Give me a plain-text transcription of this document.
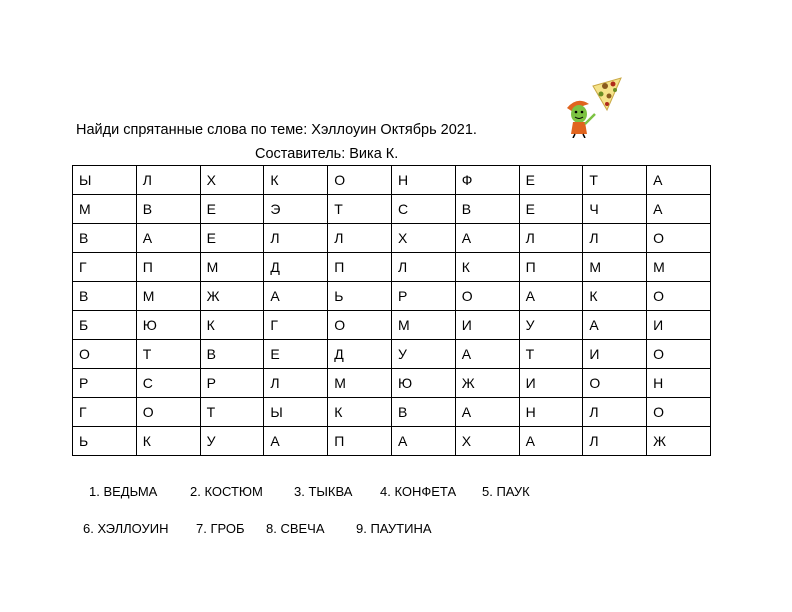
Найди спрятанные слова по теме: Хэллоуин Октябрь 2021.
Составитель: Вика К.
Ы	Л	Х	К	О	Н	Ф	Е	Т	А
М	В	Е	Э	Т	С	В	Е	Ч	А
В	А	Е	Л	Л	Х	А	Л	Л	О
Г	П	М	Д	П	Л	К	П	М	М
В	М	Ж	А	Ь	Р	О	А	К	О
Б	Ю	К	Г	О	М	И	У	А	И
О	Т	В	Е	Д	У	А	Т	И	О
Р	С	Р	Л	М	Ю	Ж	И	О	Н
Г	О	Т	Ы	К	В	А	Н	Л	О
Ь	К	У	А	П	А	Х	А	Л	Ж
1. ВЕДЬМА	2. КОСТЮМ 3. ТЫКВА 4. КОНФЕТА 5. ПАУК
6. ХЭЛЛОУИН 7. ГРОБ 8. СВЕЧА 9. ПАУТИНА
